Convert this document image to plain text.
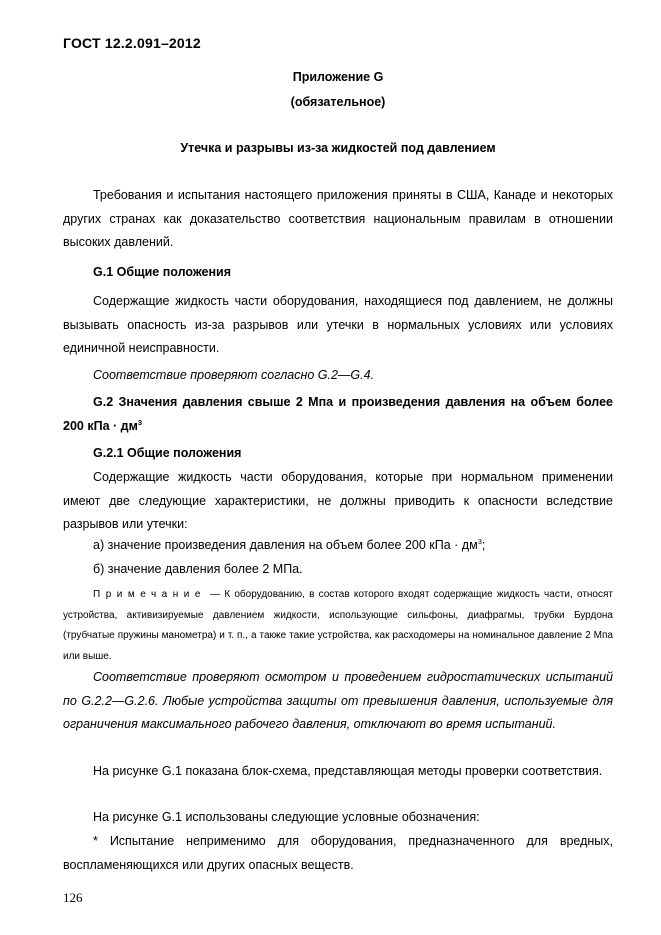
ГОСТ 12.2.091–2012
Приложение G
(обязательное)
Утечка и разрывы из-за жидкостей под давлением

Требования и испытания настоящего приложения приняты в США, Канаде и некоторых других странах как доказательство соответствия национальным правилам в отношении высоких давлений.

G.1 Общие положения

Содержащие жидкость части оборудования, находящиеся под давлением, не должны вызывать опасность из-за разрывов или утечки в нормальных условиях или условиях единичной неисправности.

Соответствие проверяют согласно G.2—G.4.

G.2 Значения давления свыше 2 Мпа и произведения давления на объем более 200 кПа · $дм^3$

G.2.1 Общие положения

Содержащие жидкость части оборудования, которые при нормальном применении имеют две следующие характеристики, не должны приводить к опасности вследствие разрывов или утечки:

а) значение произведения давления на объем более 200 кПа · $дм^3$;

б) значение давления более 2 МПа.

Примечание — К оборудованию, в состав которого входят содержащие жидкость части, относят устройства, активизируемые давлением жидкости, использующие сильфоны, диафрагмы, трубки Бурдона (трубчатые пружины манометра) и т. п., а также такие устройства, как расходомеры на номинальное давление 2 Мпа или выше.

Соответствие проверяют осмотром и проведением гидростатических испытаний по G.2.2—G.2.6. Любые устройства защиты от превышения давления, используемые для ограничения максимального рабочего давления, отключают во время испытаний.

На рисунке G.1 показана блок-схема, представляющая методы проверки соответствия.

На рисунке G.1 использованы следующие условные обозначения:

* Испытание неприменимо для оборудования, предназначенного для вредных, воспламеняющихся или других опасных веществ.

126
